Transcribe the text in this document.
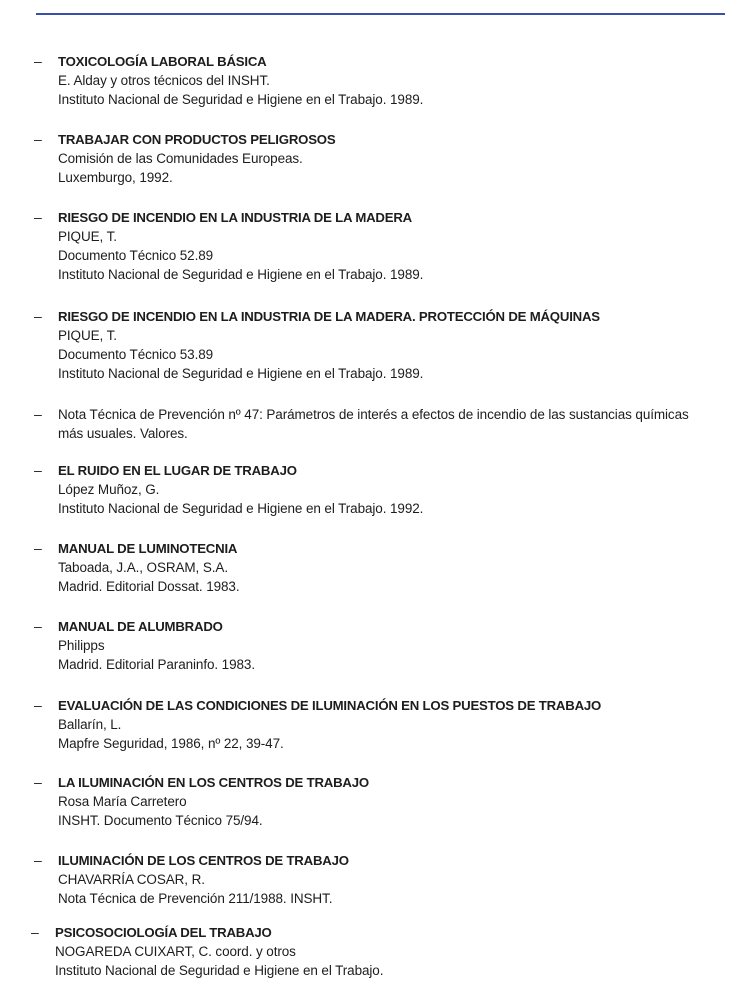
– TOXICOLOGÍA LABORAL BÁSICA
E. Alday y otros técnicos del INSHT.
Instituto Nacional de Seguridad e Higiene en el Trabajo. 1989.
– TRABAJAR CON PRODUCTOS PELIGROSOS
Comisión de las Comunidades Europeas.
Luxemburgo, 1992.
– RIESGO DE INCENDIO EN LA INDUSTRIA DE LA MADERA
PIQUE, T.
Documento Técnico 52.89
Instituto Nacional de Seguridad e Higiene en el Trabajo. 1989.
– RIESGO DE INCENDIO EN LA INDUSTRIA DE LA MADERA. PROTECCIÓN DE MÁQUINAS
PIQUE, T.
Documento Técnico 53.89
Instituto Nacional de Seguridad e Higiene en el Trabajo. 1989.
– Nota Técnica de Prevención nº 47: Parámetros de interés a efectos de incendio de las sustancias químicas
más usuales. Valores.
– EL RUIDO EN EL LUGAR DE TRABAJO
López Muñoz, G.
Instituto Nacional de Seguridad e Higiene en el Trabajo. 1992.
– MANUAL DE LUMINOTECNIA
Taboada, J.A., OSRAM, S.A.
Madrid. Editorial Dossat. 1983.
– MANUAL DE ALUMBRADO
Philipps
Madrid. Editorial Paraninfo. 1983.
– EVALUACIÓN DE LAS CONDICIONES DE ILUMINACIÓN EN LOS PUESTOS DE TRABAJO
Ballarín, L.
Mapfre Seguridad, 1986, nº 22, 39-47.
– LA ILUMINACIÓN EN LOS CENTROS DE TRABAJO
Rosa María Carretero
INSHT. Documento Técnico 75/94.
– ILUMINACIÓN DE LOS CENTROS DE TRABAJO
CHAVARRÍA COSAR, R.
Nota Técnica de Prevención 211/1988. INSHT.
– PSICOSOCIOLOGÍA DEL TRABAJO
NOGAREDA CUIXART, C. coord. y otros
Instituto Nacional de Seguridad e Higiene en el Trabajo.
